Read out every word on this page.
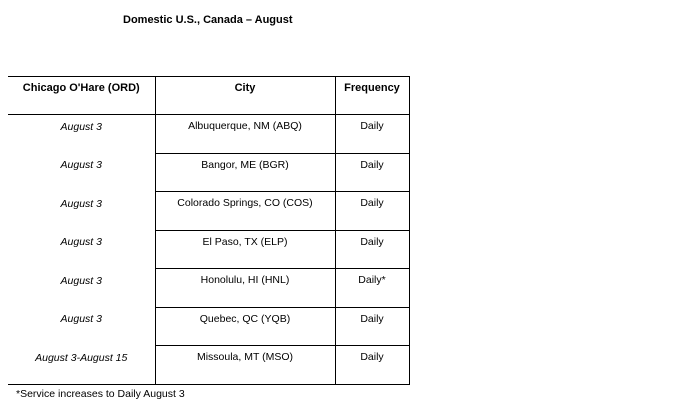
Domestic U.S., Canada – August
Chicago O'Hare (ORD)	City	Frequency
August 3	Albuquerque, NM (ABQ)	Daily
August 3	Bangor, ME (BGR)	Daily
August 3	Colorado Springs, CO (COS)	Daily
August 3	El Paso, TX (ELP)	Daily
August 3	Honolulu, HI (HNL)	Daily*
August 3	Quebec, QC (YQB)	Daily
August 3-August 15	Missoula, MT (MSO)	Daily
*Service increases to Daily August 3
